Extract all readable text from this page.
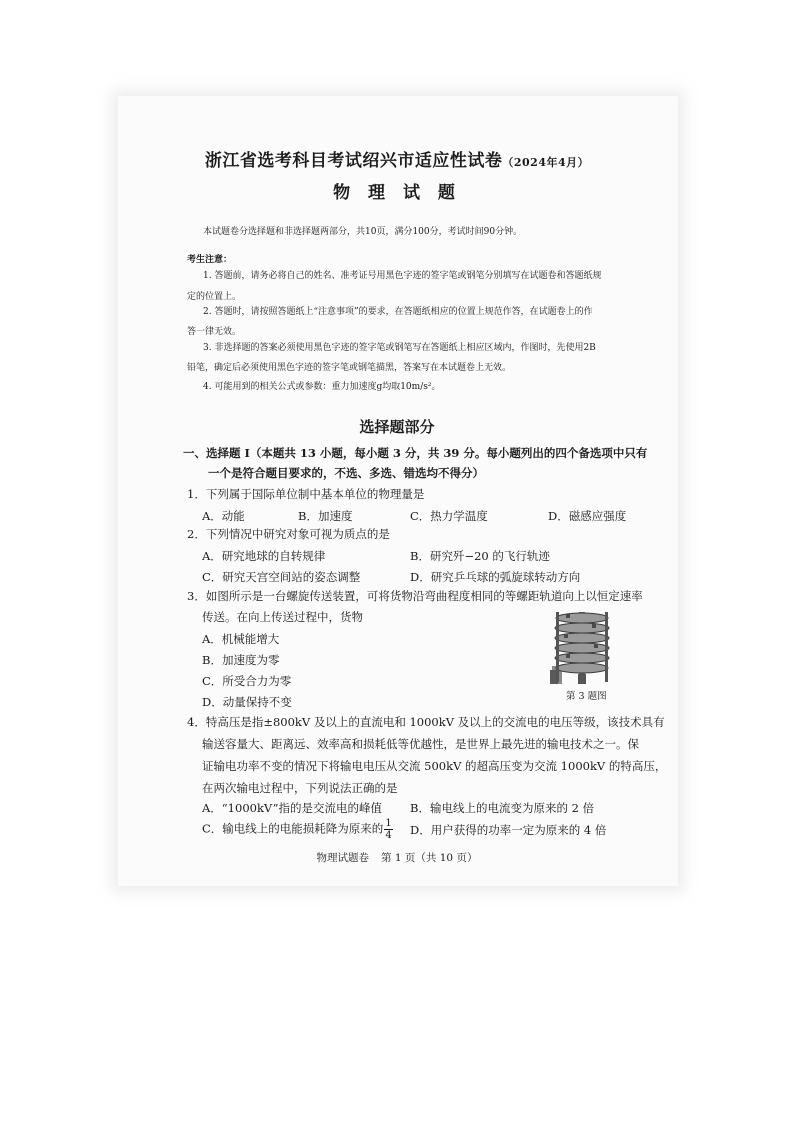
浙江省选考科目考试绍兴市适应性试卷（2024年4月）
物 理 试 题
本试题卷分选择题和非选择题两部分，共10页，满分100分，考试时间90分钟。
考生注意：
1. 答题前，请务必将自己的姓名、准考证号用黑色字迹的签字笔或钢笔分别填写在试题卷和答题纸规
定的位置上。
2. 答题时，请按照答题纸上“注意事项”的要求，在答题纸相应的位置上规范作答，在试题卷上的作
答一律无效。
3. 非选择题的答案必须使用黑色字迹的签字笔或钢笔写在答题纸上相应区域内，作图时，先使用2B
铅笔，确定后必须使用黑色字迹的签字笔或钢笔描黑，答案写在本试题卷上无效。
4. 可能用到的相关公式或参数：重力加速度g均取10m/s²。
选择题部分
一、选择题 Ⅰ（本题共 13 小题，每小题 3 分，共 39 分。每小题列出的四个备选项中只有
一个是符合题目要求的，不选、多选、错选均不得分）
1．下列属于国际单位制中基本单位的物理量是
A．动能	B．加速度	C．热力学温度	D．磁感应强度
2．下列情况中研究对象可视为质点的是
A．研究地球的自转规律	B．研究歼−20 的飞行轨迹
C．研究天宫空间站的姿态调整	D．研究乒乓球的弧旋球转动方向
3．如图所示是一台螺旋传送装置，可将货物沿弯曲程度相同的等螺距轨道向上以恒定速率
传送。在向上传送过程中，货物
A．机械能增大
B．加速度为零
C．所受合力为零
D．动量保持不变	第 3 题图
4．特高压是指±800kV 及以上的直流电和 1000kV 及以上的交流电的电压等级，该技术具有
输送容量大、距离远、效率高和损耗低等优越性，是世界上最先进的输电技术之一。保
证输电功率不变的情况下将输电电压从交流 500kV 的超高压变为交流 1000kV 的特高压，
在两次输电过程中，下列说法正确的是
A．“1000kV”指的是交流电的峰值 B．输电线上的电流变为原来的 2 倍
C．输电线上的电能损耗降为原来的 $\frac{1}{4}$ D．用户获得的功率一定为原来的 4 倍
物理试题卷 第 1 页（共 10 页）
